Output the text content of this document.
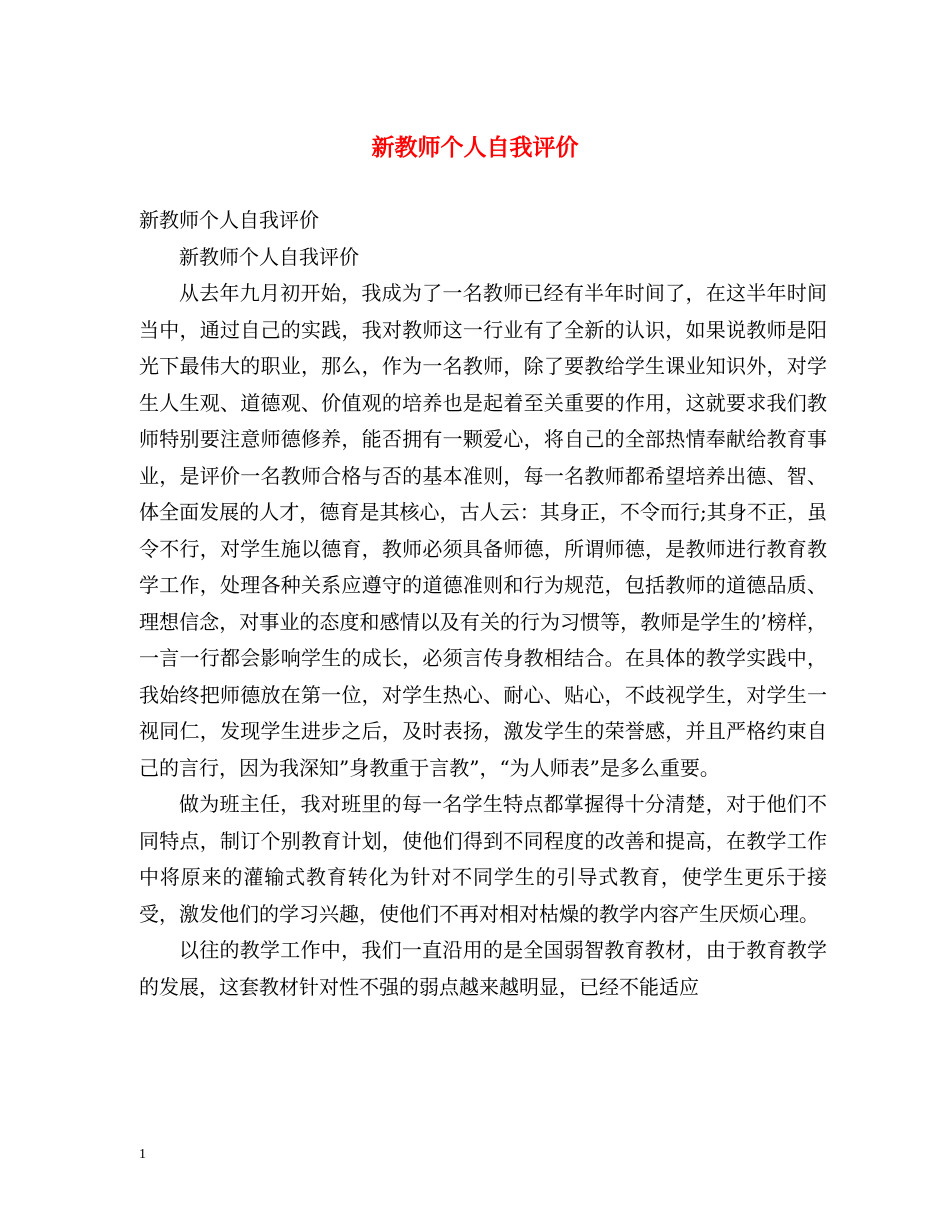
新教师个人自我评价

新教师个人自我评价

新教师个人自我评价

从去年九月初开始，我成为了一名教师已经有半年时间了，在这半年时间当中，通过自己的实践，我对教师这一行业有了全新的认识，如果说教师是阳光下最伟大的职业，那么，作为一名教师，除了要教给学生课业知识外，对学生人生观、道德观、价值观的培养也是起着至关重要的作用，这就要求我们教师特别要注意师德修养，能否拥有一颗爱心，将自己的全部热情奉献给教育事业，是评价一名教师合格与否的基本准则，每一名教师都希望培养出德、智、体全面发展的人才，德育是其核心，古人云：其身正，不令而行;其身不正，虽令不行，对学生施以德育，教师必须具备师德，所谓师德，是教师进行教育教学工作，处理各种关系应遵守的道德准则和行为规范，包括教师的道德品质、理想信念，对事业的态度和感情以及有关的行为习惯等，教师是学生的’榜样，一言一行都会影响学生的成长，必须言传身教相结合。在具体的教学实践中，我始终把师德放在第一位，对学生热心、耐心、贴心，不歧视学生，对学生一视同仁，发现学生进步之后，及时表扬，激发学生的荣誉感，并且严格约束自己的言行，因为我深知”身教重于言教”，“为人师表”是多么重要。

做为班主任，我对班里的每一名学生特点都掌握得十分清楚，对于他们不同特点，制订个别教育计划，使他们得到不同程度的改善和提高，在教学工作中将原来的灌输式教育转化为针对不同学生的引导式教育，使学生更乐于接受，激发他们的学习兴趣，使他们不再对相对枯燥的教学内容产生厌烦心理。

以往的教学工作中，我们一直沿用的是全国弱智教育教材，由于教育教学的发展，这套教材针对性不强的弱点越来越明显，已经不能适应

1
